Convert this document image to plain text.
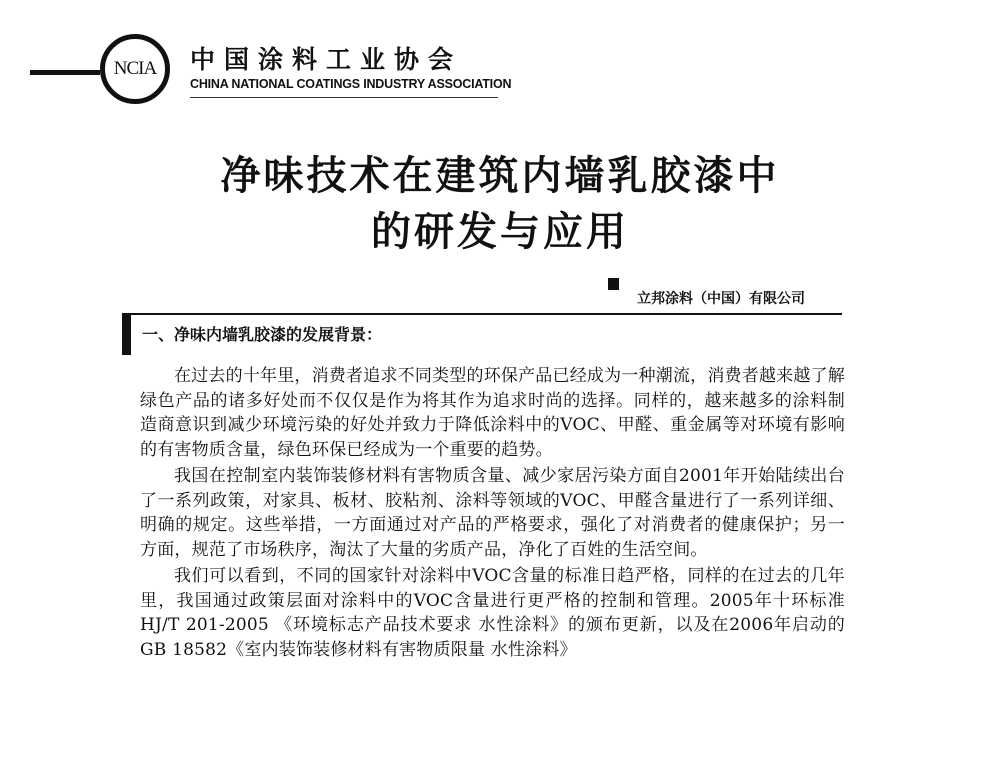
NCIA	中国涂料工业协会
CHINA NATIONAL COATINGS INDUSTRY ASSOCIATION
净味技术在建筑内墙乳胶漆中
的研发与应用
立邦涂料（中国）有限公司
一、净味内墙乳胶漆的发展背景：

在过去的十年里，消费者追求不同类型的环保产品已经成为一种潮流，消费者越来越了解绿色产品的诸多好处而不仅仅是作为将其作为追求时尚的选择。同样的，越来越多的涂料制造商意识到减少环境污染的好处并致力于降低涂料中的VOC、甲醛、重金属等对环境有影响的有害物质含量，绿色环保已经成为一个重要的趋势。

我国在控制室内装饰装修材料有害物质含量、减少家居污染方面自2001年开始陆续出台了一系列政策，对家具、板材、胶粘剂、涂料等领域的VOC、甲醛含量进行了一系列详细、明确的规定。这些举措，一方面通过对产品的严格要求，强化了对消费者的健康保护；另一方面，规范了市场秩序，淘汰了大量的劣质产品，净化了百姓的生活空间。

我们可以看到，不同的国家针对涂料中VOC含量的标准日趋严格，同样的在过去的几年里，我国通过政策层面对涂料中的VOC含量进行更严格的控制和管理。2005年十环标准HJ/T 201-2005 《环境标志产品技术要求 水性涂料》的颁布更新，以及在2006年启动的GB 18582《室内装饰装修材料有害物质限量 水性涂料》
